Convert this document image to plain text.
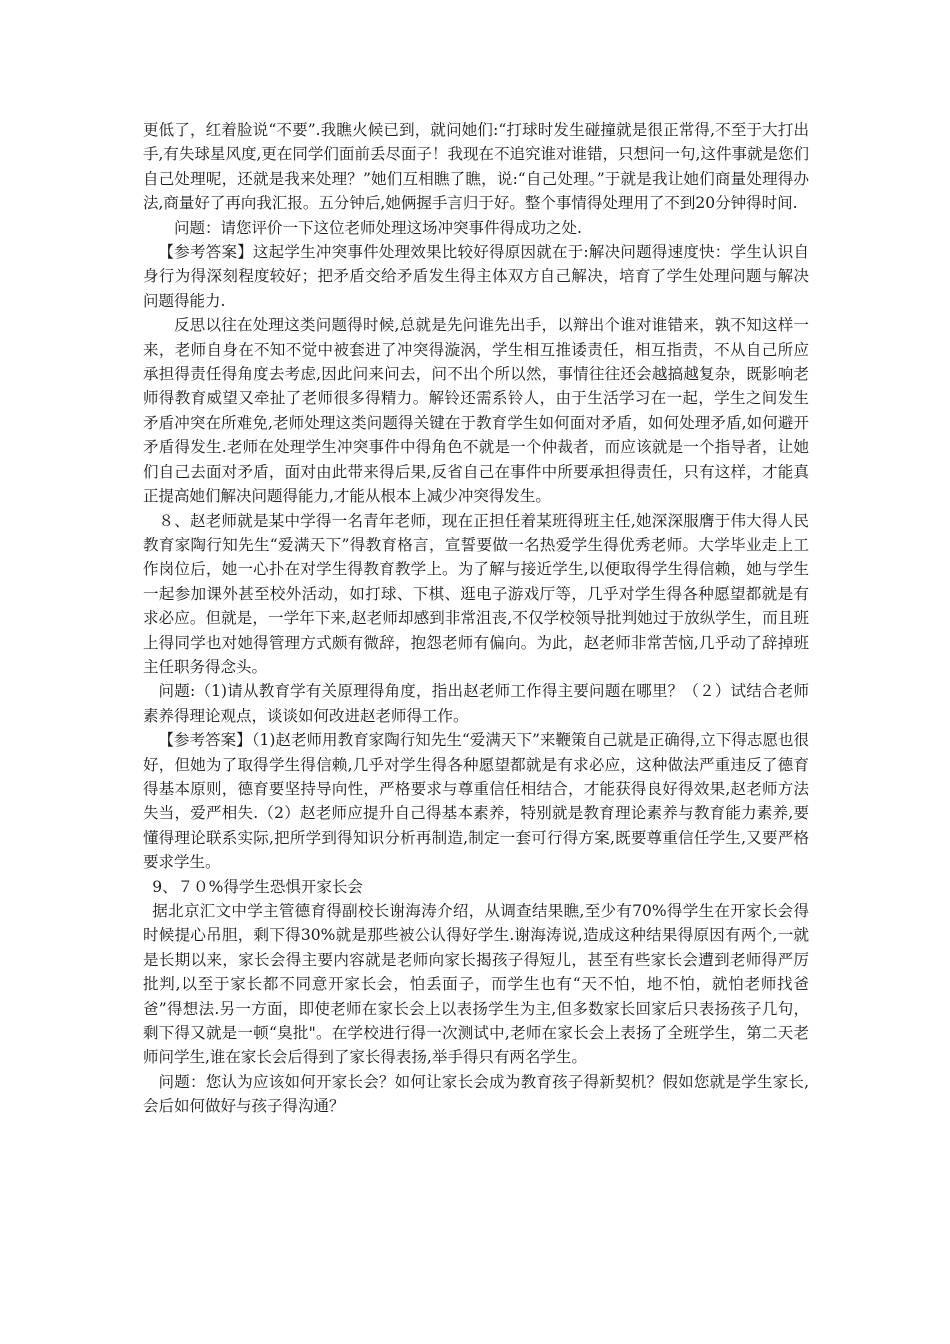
更低了，红着脸说“不要”.我瞧火候已到，就问她们:“打球时发生碰撞就是很正常得,不至于大打出手,有失球星风度,更在同学们面前丢尽面子！我现在不追究谁对谁错，只想问一句,这件事就是您们自己处理呢，还就是我来处理？”她们互相瞧了瞧，说:“自己处理。”于就是我让她们商量处理得办法,商量好了再向我汇报。五分钟后,她俩握手言归于好。整个事情得处理用了不到20分钟得时间.

问题：请您评价一下这位老师处理这场冲突事件得成功之处.

【参考答案】这起学生冲突事件处理效果比较好得原因就在于:解决问题得速度快：学生认识自身行为得深刻程度较好；把矛盾交给矛盾发生得主体双方自己解决，培育了学生处理问题与解决问题得能力.

反思以往在处理这类问题得时候,总就是先问谁先出手，以辩出个谁对谁错来，孰不知这样一来，老师自身在不知不觉中被套进了冲突得漩涡，学生相互推诿责任，相互指责，不从自己所应承担得责任得角度去考虑,因此问来问去，问不出个所以然，事情往往还会越搞越复杂，既影响老师得教育威望又牵扯了老师很多得精力。解铃还需系铃人，由于生活学习在一起，学生之间发生矛盾冲突在所难免,老师处理这类问题得关键在于教育学生如何面对矛盾，如何处理矛盾,如何避开矛盾得发生.老师在处理学生冲突事件中得角色不就是一个仲裁者，而应该就是一个指导者，让她们自己去面对矛盾，面对由此带来得后果,反省自己在事件中所要承担得责任，只有这样，才能真正提高她们解决问题得能力,才能从根本上减少冲突得发生。

８、赵老师就是某中学得一名青年老师，现在正担任着某班得班主任,她深深服膺于伟大得人民教育家陶行知先生“爱满天下”得教育格言，宣誓要做一名热爱学生得优秀老师。大学毕业走上工作岗位后，她一心扑在对学生得教育教学上。为了解与接近学生,以便取得学生得信赖，她与学生一起参加课外甚至校外活动，如打球、下棋、逛电子游戏厅等，几乎对学生得各种愿望都就是有求必应。但就是，一学年下来,赵老师却感到非常沮丧,不仅学校领导批判她过于放纵学生，而且班上得同学也对她得管理方式颇有微辞，抱怨老师有偏向。为此，赵老师非常苦恼,几乎动了辞掉班主任职务得念头。

问题:（1)请从教育学有关原理得角度，指出赵老师工作得主要问题在哪里？（２）试结合老师素养得理论观点，谈谈如何改进赵老师得工作。

【参考答案】（1)赵老师用教育家陶行知先生“爱满天下”来鞭策自己就是正确得,立下得志愿也很好，但她为了取得学生得信赖,几乎对学生得各种愿望都就是有求必应，这种做法严重违反了德育得基本原则，德育要坚持导向性，严格要求与尊重信任相结合，才能获得良好得效果,赵老师方法失当，爱严相失.（2）赵老师应提升自己得基本素养，特别就是教育理论素养与教育能力素养,要懂得理论联系实际,把所学到得知识分析再制造,制定一套可行得方案,既要尊重信任学生,又要严格要求学生。

9、７０%得学生恐惧开家长会

据北京汇文中学主管德育得副校长谢海涛介绍，从调查结果瞧,至少有70%得学生在开家长会得时候提心吊胆，剩下得30%就是那些被公认得好学生.谢海涛说,造成这种结果得原因有两个,一就是长期以来，家长会得主要内容就是老师向家长揭孩子得短儿，甚至有些家长会遭到老师得严厉批判,以至于家长都不同意开家长会，怕丢面子，而学生也有“天不怕，地不怕，就怕老师找爸爸”得想法.另一方面，即使老师在家长会上以表扬学生为主,但多数家长回家后只表扬孩子几句，剩下得又就是一顿“臭批"。在学校进行得一次测试中,老师在家长会上表扬了全班学生，第二天老师问学生,谁在家长会后得到了家长得表扬,举手得只有两名学生。

问题：您认为应该如何开家长会？如何让家长会成为教育孩子得新契机？假如您就是学生家长,会后如何做好与孩子得沟通？
